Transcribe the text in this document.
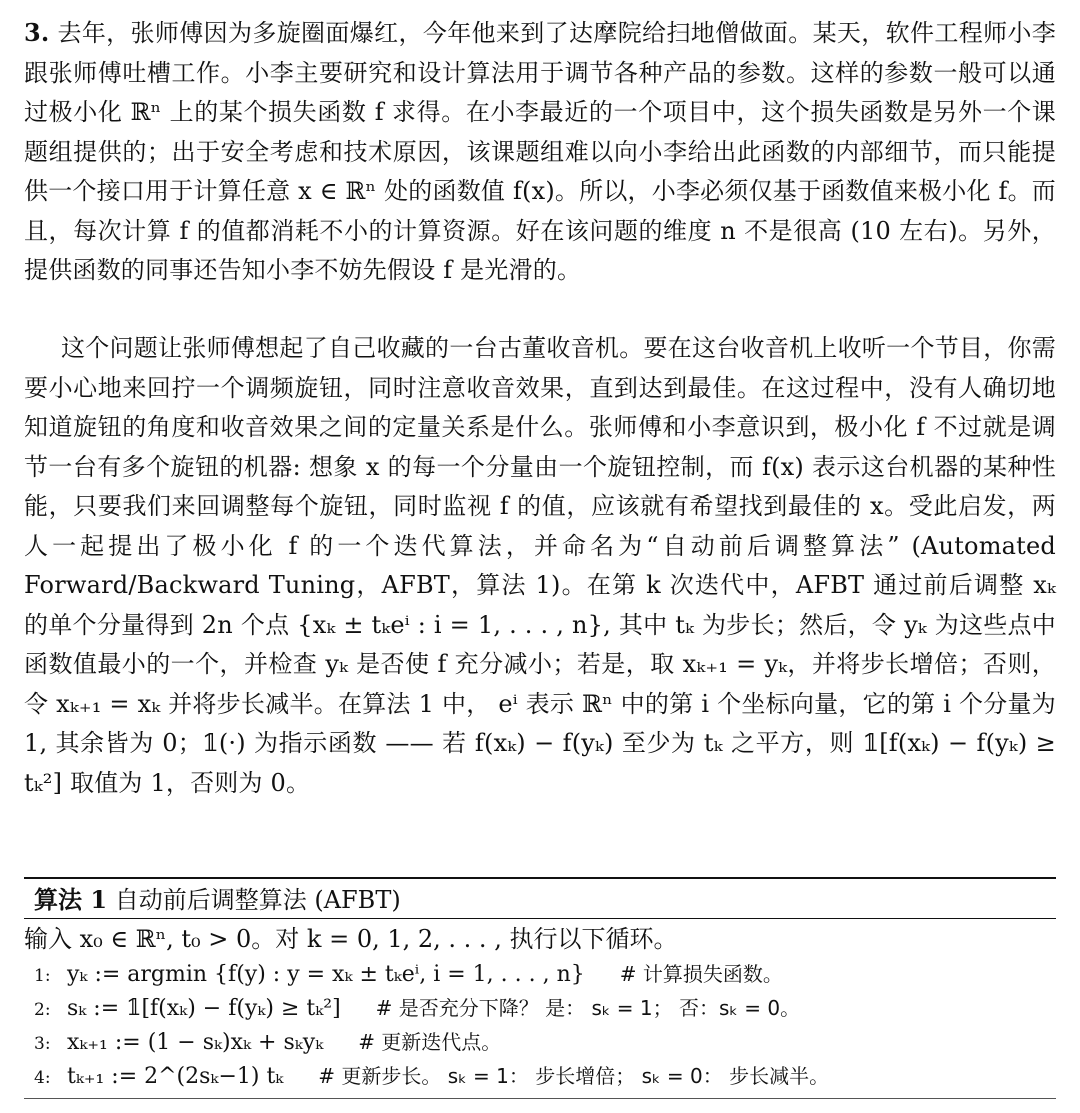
3. 去年，张师傅因为多旋圈面爆红，今年他来到了达摩院给扫地僧做面。某天，软件工程师小李跟张师傅吐槽工作。小李主要研究和设计算法用于调节各种产品的参数。这样的参数一般可以通过极小化 ℝⁿ 上的某个损失函数 f 求得。在小李最近的一个项目中，这个损失函数是另外一个课题组提供的；出于安全考虑和技术原因，该课题组难以向小李给出此函数的内部细节，而只能提供一个接口用于计算任意 x ∈ ℝⁿ 处的函数值 f(x)。所以，小李必须仅基于函数值来极小化 f。而且，每次计算 f 的值都消耗不小的计算资源。好在该问题的维度 n 不是很高 (10 左右)。另外，提供函数的同事还告知小李不妨先假设 f 是光滑的。

这个问题让张师傅想起了自己收藏的一台古董收音机。要在这台收音机上收听一个节目，你需要小心地来回拧一个调频旋钮，同时注意收音效果，直到达到最佳。在这过程中，没有人确切地知道旋钮的角度和收音效果之间的定量关系是什么。张师傅和小李意识到，极小化 f 不过就是调节一台有多个旋钮的机器: 想象 x 的每一个分量由一个旋钮控制，而 f(x) 表示这台机器的某种性能，只要我们来回调整每个旋钮，同时监视 f 的值，应该就有希望找到最佳的 x。受此启发，两人一起提出了极小化 f 的一个迭代算法，并命名为“自动前后调整算法” (Automated Forward/Backward Tuning，AFBT，算法 1)。在第 k 次迭代中，AFBT 通过前后调整 xₖ 的单个分量得到 2n 个点 {xₖ ± tₖeⁱ : i = 1, . . . , n}, 其中 tₖ 为步长；然后，令 yₖ 为这些点中函数值最小的一个，并检查 yₖ 是否使 f 充分减小；若是，取 xₖ₊₁ = yₖ，并将步长增倍；否则，令 xₖ₊₁ = xₖ 并将步长减半。在算法 1 中， eⁱ 表示 ℝⁿ 中的第 i 个坐标向量，它的第 i 个分量为 1, 其余皆为 0；𝟙(·) 为指示函数 —— 若 f(xₖ) − f(yₖ) 至少为 tₖ 之平方，则 𝟙[f(xₖ) − f(yₖ) ≥ tₖ²] 取值为 1，否则为 0。

算法 1 自动前后调整算法 (AFBT)
输入 x₀ ∈ ℝⁿ, t₀ > 0。对 k = 0, 1, 2, . . . , 执行以下循环。
1: yₖ := argmin {f(y) : y = xₖ ± tₖeⁱ, i = 1, . . . , n} # 计算损失函数。
2: sₖ := 𝟙[f(xₖ) − f(yₖ) ≥ tₖ²] # 是否充分下降？ 是： sₖ = 1； 否：sₖ = 0。
3: xₖ₊₁ := (1 − sₖ)xₖ + sₖyₖ # 更新迭代点。
4: tₖ₊₁ := 2^(2sₖ−1) tₖ # 更新步长。 sₖ = 1： 步长增倍； sₖ = 0： 步长减半。
